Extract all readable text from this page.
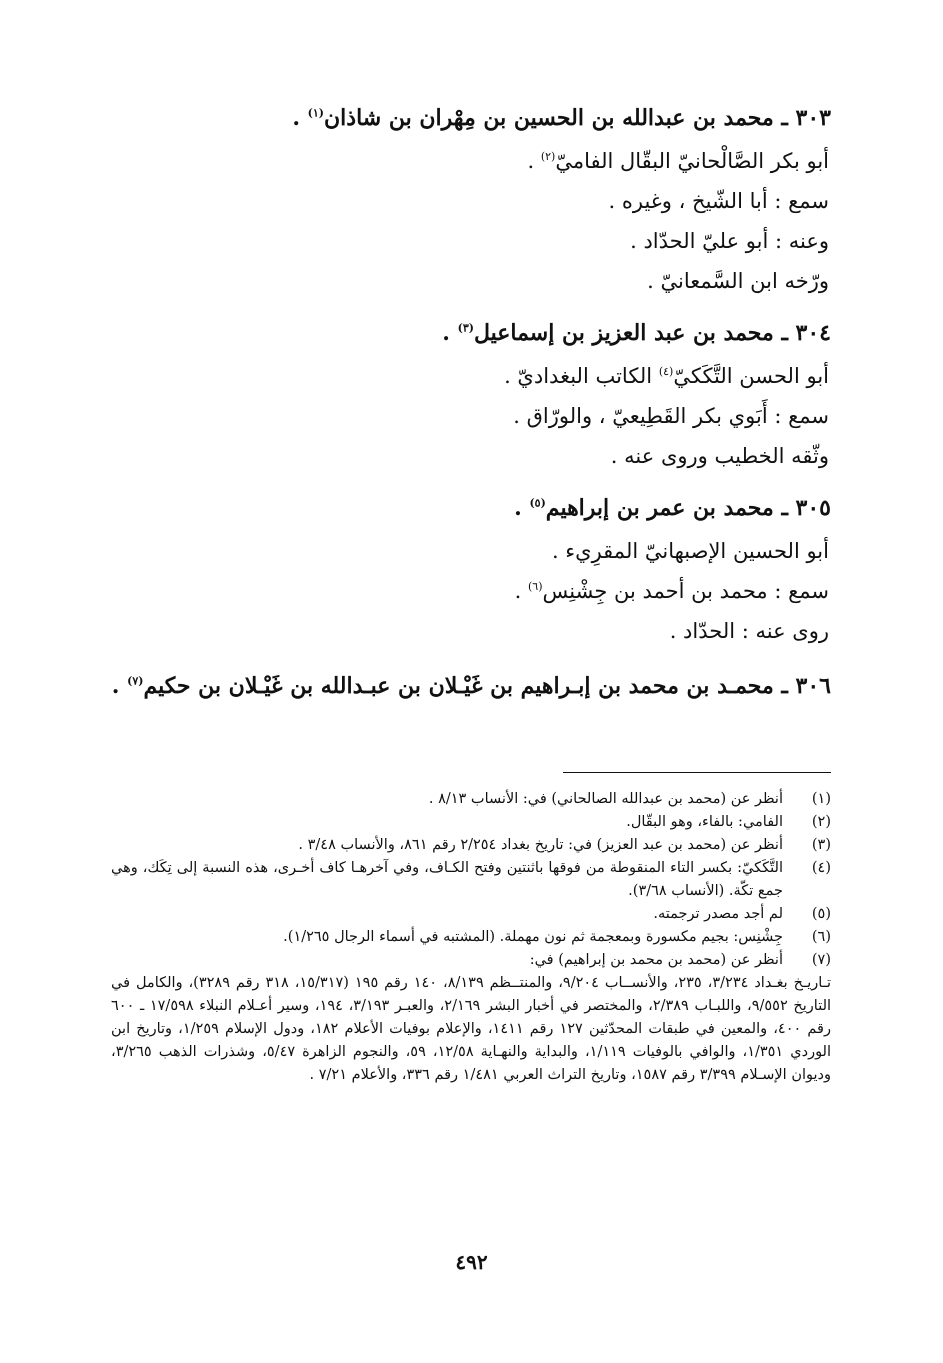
٣٠٣ ـ محمد بن عبدالله بن الحسين بن مِهْران بن شاذان$^{(١)}$ .

أبو بكر الصَّالْحانيّ البقّال الفاميّ$^{(٢)}$ .

سمع : أبا الشّيخ ، وغيره .

وعنه : أبو عليّ الحدّاد .

ورّخه ابن السَّمعانيّ .

٣٠٤ ـ محمد بن عبد العزيز بن إسماعيل$^{(٣)}$ .

أبو الحسن التَّكَكيّ$^{(٤)}$ الكاتب البغداديّ .

سمع : أَبَوي بكر القَطِيعيّ ، والورّاق .

وثّقه الخطيب وروى عنه .

٣٠٥ ـ محمد بن عمر بن إبراهيم$^{(٥)}$ .

أبو الحسين الإصبهانيّ المقرِيء .

سمع : محمد بن أحمد بن جِشْنِس$^{(٦)}$ .

روى عنه : الحدّاد .

٣٠٦ ـ محمـد بن محمد بن إبـراهيم بن غَيْـلان بن عبـدالله بن غَيْـلان بن حكيم$^{(٧)}$ .

(١)
أنظر عن (محمد بن عبدالله الصالحاني) في: الأنساب ٨/١٣ .

(٢)
الفامي: بالفاء، وهو البقّال.

(٣)
أنظر عن (محمد بن عبد العزيز) في: تاريخ بغداد ٢/٢٥٤ رقم ٨٦١، والأنساب ٣/٤٨ .

(٤)
التَّكَكيّ: بكسر التاء المنقوطة من فوقها باثنتين وفتح الكـاف، وفي آخرهـا كاف أخـرى، هذه النسبة إلى تِكَك، وهي جمع تكّة. (الأنساب ٣/٦٨).

(٥)
لم أجد مصدر ترجمته.

(٦)
جِشْنِس: بجيم مكسورة وبمعجمة ثم نون مهملة. (المشتبه في أسماء الرجال ١/٢٦٥).

(٧)
أنظر عن (محمد بن محمد بن إبراهيم) في:

تـاريـخ بغـداد ٣/٢٣٤، ٢٣٥، والأنســاب ٩/٢٠٤، والمنتــظم ٨/١٣٩، ١٤٠ رقم ١٩٥ (١٥/٣١٧، ٣١٨ رقم ٣٢٨٩)، والكامل في التاريخ ٩/٥٥٢، واللبـاب ٢/٣٨٩، والمختصر في أخبار البشر ٢/١٦٩، والعبـر ٣/١٩٣، ١٩٤، وسير أعـلام النبلاء ١٧/٥٩٨ ـ ٦٠٠ رقم ٤٠٠، والمعين في طبقات المحدّثين ١٢٧ رقم ١٤١١، والإعلام بوفيات الأعلام ١٨٢، ودول الإسلام ١/٢٥٩، وتاريخ ابن الوردي ١/٣٥١، والوافي بالوفيات ١/١١٩، والبداية والنهـاية ١٢/٥٨، ٥٩، والنجوم الزاهرة ٥/٤٧، وشذرات الذهب ٣/٢٦٥، وديوان الإسـلام ٣/٣٩٩ رقم ١٥٨٧، وتاريخ التراث العربي ١/٤٨١ رقم ٣٣٦، والأعلام ٧/٢١ .

٤٩٢
